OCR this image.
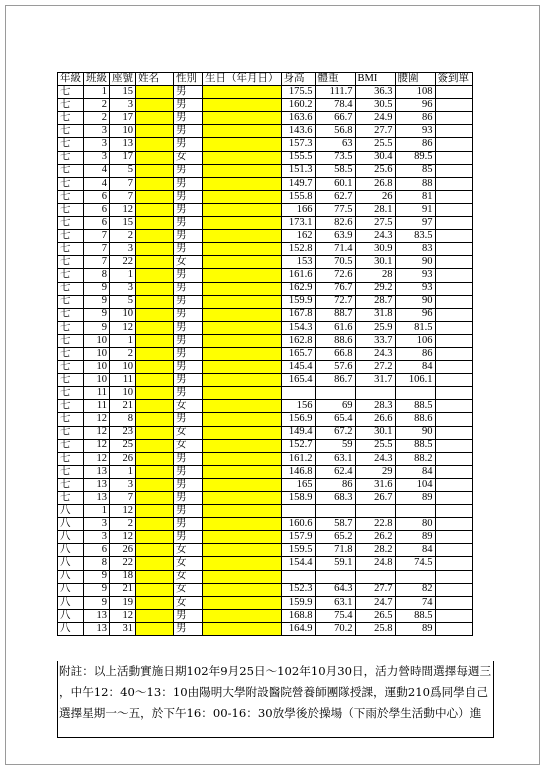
年級	班級	座號	姓名	性別	生日（年月日）	身高	體重	BMI	腰圍	簽到單
七	1	15		男		175.5	111.7	36.3	108	
七	2	3		男		160.2	78.4	30.5	96	
七	2	17		男		163.6	66.7	24.9	86	
七	3	10		男		143.6	56.8	27.7	93	
七	3	13		男		157.3	63	25.5	86	
七	3	17		女		155.5	73.5	30.4	89.5	
七	4	5		男		151.3	58.5	25.6	85	
七	4	7		男		149.7	60.1	26.8	88	
七	6	7		男		155.8	62.7	26	81	
七	6	12		男		166	77.5	28.1	91	
七	6	15		男		173.1	82.6	27.5	97	
七	7	2		男		162	63.9	24.3	83.5	
七	7	3		男		152.8	71.4	30.9	83	
七	7	22		女		153	70.5	30.1	90	
七	8	1		男		161.6	72.6	28	93	
七	9	3		男		162.9	76.7	29.2	93	
七	9	5		男		159.9	72.7	28.7	90	
七	9	10		男		167.8	88.7	31.8	96	
七	9	12		男		154.3	61.6	25.9	81.5	
七	10	1		男		162.8	88.6	33.7	106	
七	10	2		男		165.7	66.8	24.3	86	
七	10	10		男		145.4	57.6	27.2	84	
七	10	11		男		165.4	86.7	31.7	106.1	
七	11	10		男						
七	11	21		女		156	69	28.3	88.5	
七	12	8		男		156.9	65.4	26.6	88.6	
七	12	23		女		149.4	67.2	30.1	90	
七	12	25		女		152.7	59	25.5	88.5	
七	12	26		男		161.2	63.1	24.3	88.2	
七	13	1		男		146.8	62.4	29	84	
七	13	3		男		165	86	31.6	104	
七	13	7		男		158.9	68.3	26.7	89	
八	1	12		男						
八	3	2		男		160.6	58.7	22.8	80	
八	3	12		男		157.9	65.2	26.2	89	
八	6	26		女		159.5	71.8	28.2	84	
八	8	22		女		154.4	59.1	24.8	74.5	
八	9	18		女						
八	9	21		女		152.3	64.3	27.7	82	
八	9	19		女		159.9	63.1	24.7	74	
八	13	12		男		168.8	75.4	26.5	88.5	
八	13	31		男		164.9	70.2	25.8	89	
附註：以上活動實施日期102年9月25日～102年10月30日，活力營時間選擇每週三
，中午12：40～13：10由陽明大學附設醫院營養師團隊授課，運動210爲同學自己
選擇星期一～五，於下午16：00-16：30放學後於操場（下雨於學生活動中心）進
